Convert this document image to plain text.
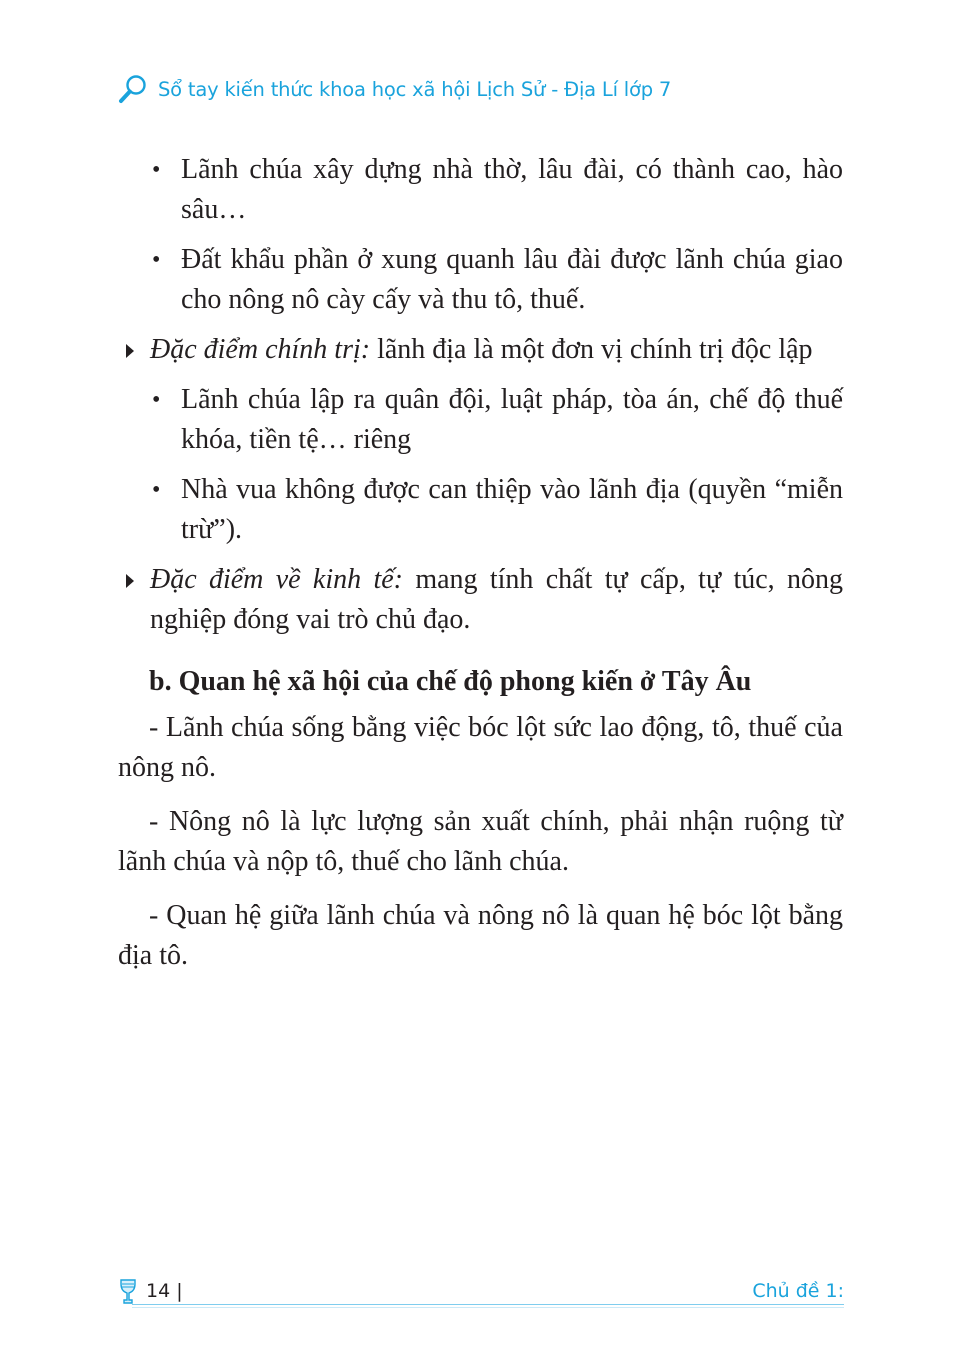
Sổ tay kiến thức khoa học xã hội Lịch Sử - Địa Lí lớp 7
• Lãnh chúa xây dựng nhà thờ, lâu đài, có thành cao, hào sâu…
• Đất khẩu phần ở xung quanh lâu đài được lãnh chúa giao cho nông nô cày cấy và thu tô, thuế.
Đặc điểm chính trị: lãnh địa là một đơn vị chính trị độc lập
• Lãnh chúa lập ra quân đội, luật pháp, tòa án, chế độ thuế khóa, tiền tệ… riêng
• Nhà vua không được can thiệp vào lãnh địa (quyền “miễn trừ”).
Đặc điểm về kinh tế: mang tính chất tự cấp, tự túc, nông nghiệp đóng vai trò chủ đạo.
b. Quan hệ xã hội của chế độ phong kiến ở Tây Âu
- Lãnh chúa sống bằng việc bóc lột sức lao động, tô, thuế của nông nô.
- Nông nô là lực lượng sản xuất chính, phải nhận ruộng từ lãnh chúa và nộp tô, thuế cho lãnh chúa.
- Quan hệ giữa lãnh chúa và nông nô là quan hệ bóc lột bằng địa tô.
14 |	Chủ đề 1:
